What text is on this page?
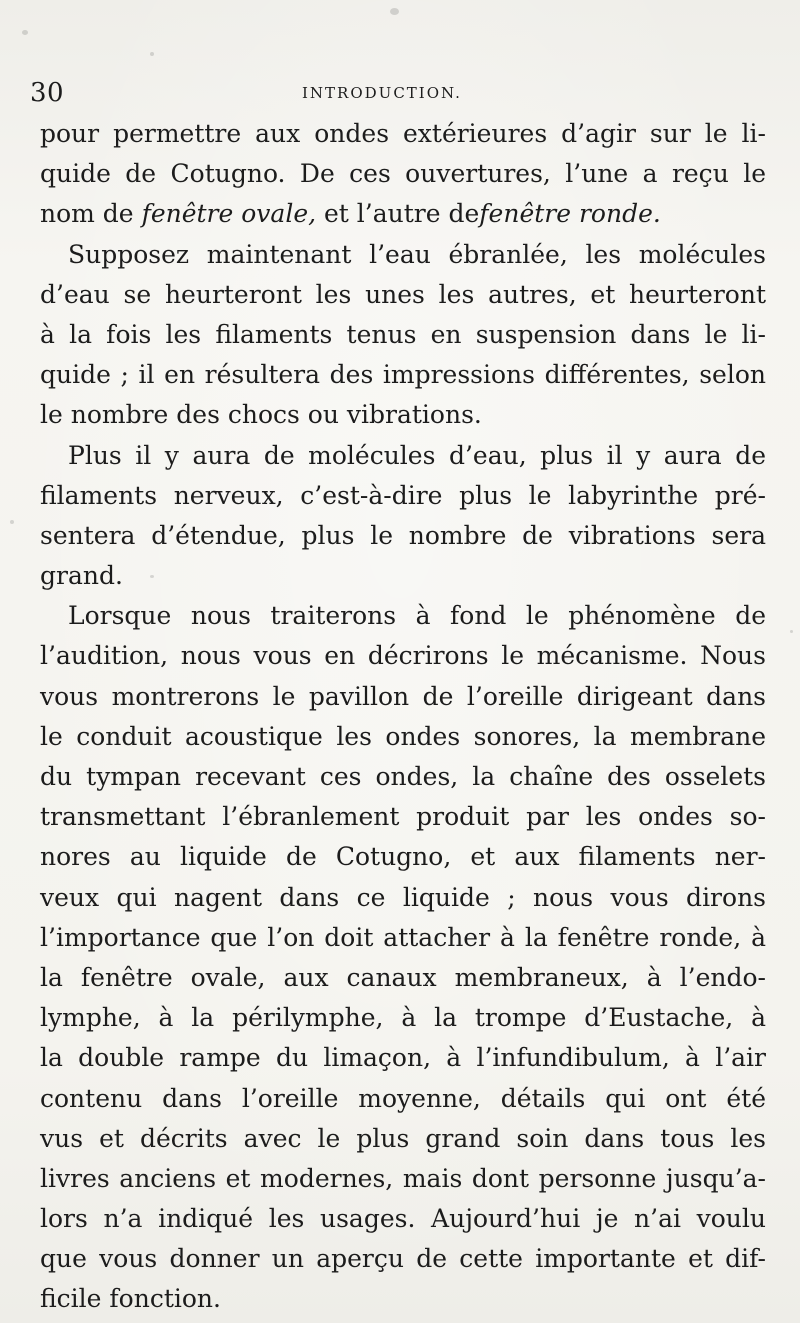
30	INTRODUCTION.
pour permettre aux ondes extérieures d’agir sur le li-
quide de Cotugno. De ces ouvertures, l’une a reçu le
nom de fenêtre ovale, et l’autre defenêtre ronde.
Supposez maintenant l’eau ébranlée, les molécules
d’eau se heurteront les unes les autres, et heurteront
à la fois les filaments tenus en suspension dans le li-
quide ; il en résultera des impressions différentes, selon
le nombre des chocs ou vibrations.
Plus il y aura de molécules d’eau, plus il y aura de
filaments nerveux, c’est-à-dire plus le labyrinthe pré-
sentera d’étendue, plus le nombre de vibrations sera
grand.
Lorsque nous traiterons à fond le phénomène de
l’audition, nous vous en décrirons le mécanisme. Nous
vous montrerons le pavillon de l’oreille dirigeant dans
le conduit acoustique les ondes sonores, la membrane
du tympan recevant ces ondes, la chaîne des osselets
transmettant l’ébranlement produit par les ondes so-
nores au liquide de Cotugno, et aux filaments ner-
veux qui nagent dans ce liquide ; nous vous dirons
l’importance que l’on doit attacher à la fenêtre ronde, à
la fenêtre ovale, aux canaux membraneux, à l’endo-
lymphe, à la périlymphe, à la trompe d’Eustache, à
la double rampe du limaçon, à l’infundibulum, à l’air
contenu dans l’oreille moyenne, détails qui ont été
vus et décrits avec le plus grand soin dans tous les
livres anciens et modernes, mais dont personne jusqu’a-
lors n’a indiqué les usages. Aujourd’hui je n’ai voulu
que vous donner un aperçu de cette importante et dif-
ficile fonction.
